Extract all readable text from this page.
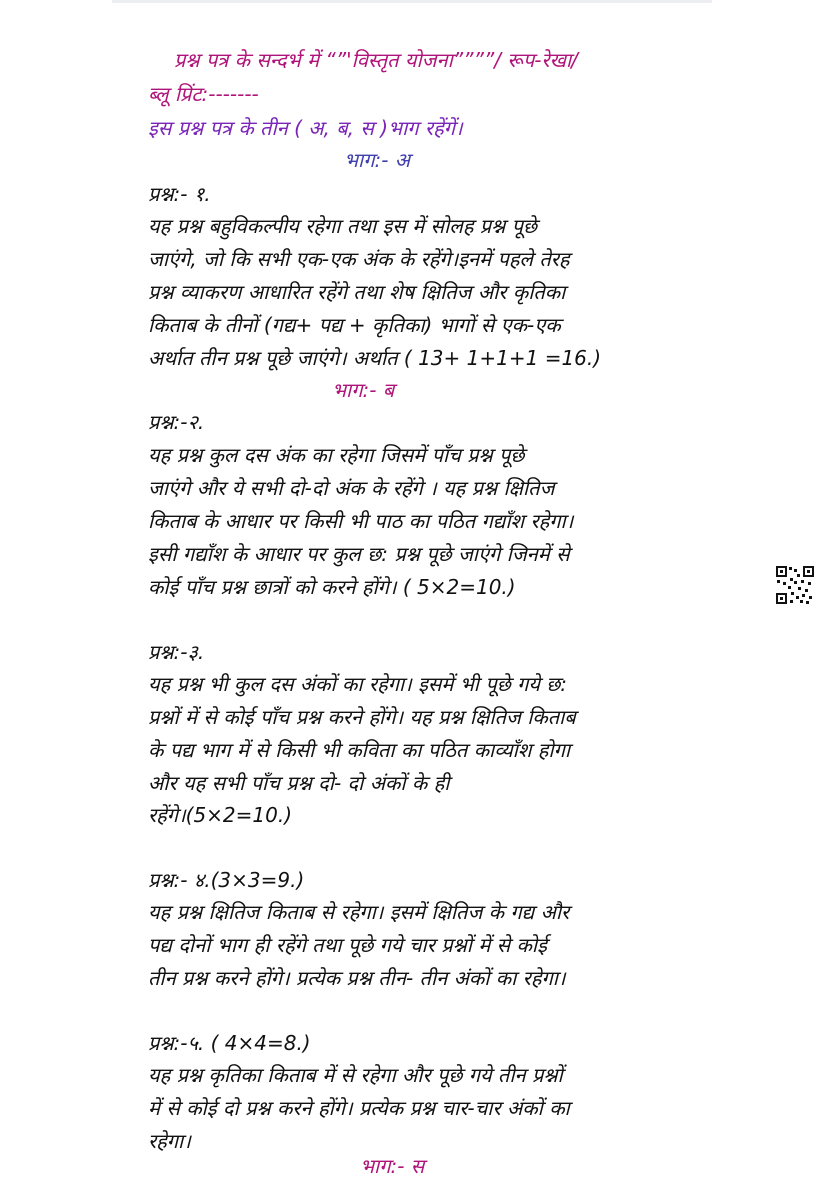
प्रश्न पत्र के सन्दर्भ में “”'विस्तृत योजना””””/ रूप-रेखा/
ब्लू प्रिंट:-------
इस प्रश्न पत्र के तीन ( अ, ब, स )भाग रहेंगें।
भाग:- अ
प्रश्न:- १.
यह प्रश्न बहुविकल्पीय रहेगा तथा इस में सोलह प्रश्न पूछे
जाएंगे, जो कि सभी एक-एक अंक के रहेंगे।इनमें पहले तेरह
प्रश्न व्याकरण आधारित रहेंगे तथा शेष क्षितिज और कृतिका
किताब के तीनों (गद्य+ पद्य + कृतिका) भागों से एक-एक
अर्थात तीन प्रश्न पूछे जाएंगे। अर्थात ( 13+ 1+1+1 =16.)
भाग:- ब
प्रश्न:-२.
यह प्रश्न कुल दस अंक का रहेगा जिसमें पाँच प्रश्न पूछे
जाएंगे और ये सभी दो-दो अंक के रहेंगे । यह प्रश्न क्षितिज
किताब के आधार पर किसी भी पाठ का पठित गद्याँश रहेगा।
इसी गद्याँश के आधार पर कुल छ: प्रश्न पूछे जाएंगे जिनमें से
कोई पाँच प्रश्न छात्रों को करने होंगे। ( 5×2=10.)
प्रश्न:-३.
यह प्रश्न भी कुल दस अंकों का रहेगा। इसमें भी पूछे गये छ:
प्रश्नों में से कोई पाँच प्रश्न करने होंगे। यह प्रश्न क्षितिज किताब
के पद्य भाग में से किसी भी कविता का पठित काव्याँश होगा
और यह सभी पाँच प्रश्न दो- दो अंकों के ही
रहेंगे।(5×2=10.)
प्रश्न:- ४.(3×3=9.)
यह प्रश्न क्षितिज किताब से रहेगा। इसमें क्षितिज के गद्य और
पद्य दोनों भाग ही रहेंगे तथा पूछे गये चार प्रश्नों में से कोई
तीन प्रश्न करने होंगे। प्रत्येक प्रश्न तीन- तीन अंकों का रहेगा।
प्रश्न:-५. ( 4×4=8.)
यह प्रश्न कृतिका किताब में से रहेगा और पूछे गये तीन प्रश्नों
में से कोई दो प्रश्न करने होंगे। प्रत्येक प्रश्न चार-चार अंकों का
रहेगा।
भाग:- स
